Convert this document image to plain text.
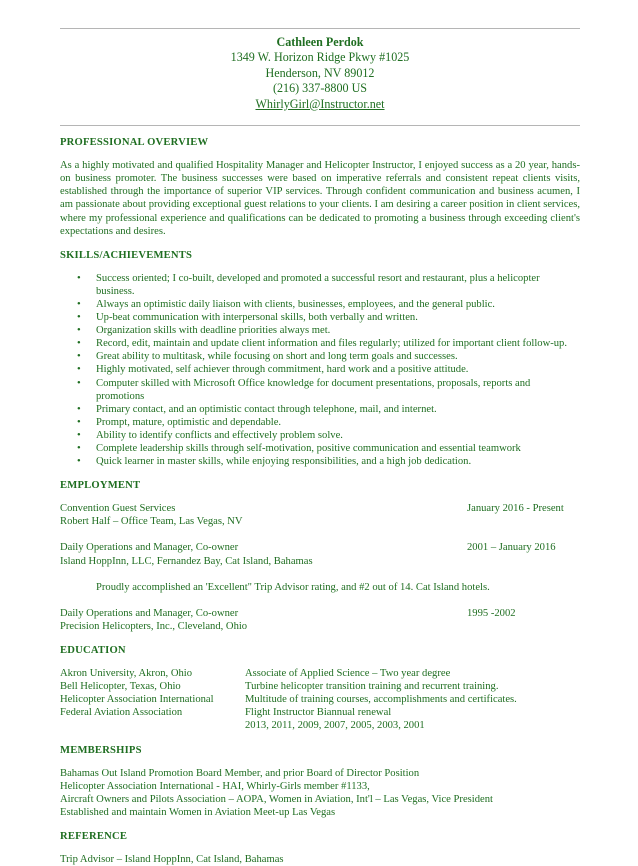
Cathleen Perdok
1349 W. Horizon Ridge Pkwy #1025
Henderson, NV 89012
(216) 337-8800 US
WhirlyGirl@Instructor.net
PROFESSIONAL OVERVIEW
As a highly motivated and qualified Hospitality Manager and Helicopter Instructor, I enjoyed success as a 20 year, hands-on business promoter. The business successes were based on imperative referrals and consistent repeat clients visits, established through the importance of superior VIP services. Through confident communication and business acumen, I am passionate about providing exceptional guest relations to your clients. I am desiring a career position in client services, where my professional experience and qualifications can be dedicated to promoting a business through exceeding client's expectations and desires.
SKILLS/ACHIEVEMENTS
• Success oriented; I co-built, developed and promoted a successful resort and restaurant, plus a helicopter business.
• Always an optimistic daily liaison with clients, businesses, employees, and the general public.
• Up-beat communication with interpersonal skills, both verbally and written.
• Organization skills with deadline priorities always met.
• Record, edit, maintain and update client information and files regularly; utilized for important client follow-up.
• Great ability to multitask, while focusing on short and long term goals and successes.
• Highly motivated, self achiever through commitment, hard work and a positive attitude.
• Computer skilled with Microsoft Office knowledge for document presentations, proposals, reports and promotions
• Primary contact, and an optimistic contact through telephone, mail, and internet.
• Prompt, mature, optimistic and dependable.
• Ability to identify conflicts and effectively problem solve.
• Complete leadership skills through self-motivation, positive communication and essential teamwork
• Quick learner in master skills, while enjoying responsibilities, and a high job dedication.
EMPLOYMENT
Convention Guest Services	January 2016 - Present
Robert Half – Office Team, Las Vegas, NV
Daily Operations and Manager, Co-owner	2001 – January 2016
Island HoppInn, LLC, Fernandez Bay, Cat Island, Bahamas
Proudly accomplished an 'Excellent" Trip Advisor rating, and #2 out of 14. Cat Island hotels.
Daily Operations and Manager, Co-owner	1995 -2002
Precision Helicopters, Inc., Cleveland, Ohio
EDUCATION
Akron University, Akron, Ohio	Associate of Applied Science – Two year degree
Bell Helicopter, Texas, Ohio	Turbine helicopter transition training and recurrent training.
Helicopter Association International	Multitude of training courses, accomplishments and certificates.
Federal Aviation Association	Flight Instructor Biannual renewal

2013, 2011, 2009, 2007, 2005, 2003, 2001
MEMBERSHIPS
Bahamas Out Island Promotion Board Member, and prior Board of Director Position
Helicopter Association International - HAI, Whirly-Girls member #1133,
Aircraft Owners and Pilots Association – AOPA, Women in Aviation, Int'l – Las Vegas, Vice President
Established and maintain Women in Aviation Meet-up Las Vegas
REFERENCE
Trip Advisor – Island HoppInn, Cat Island, Bahamas
